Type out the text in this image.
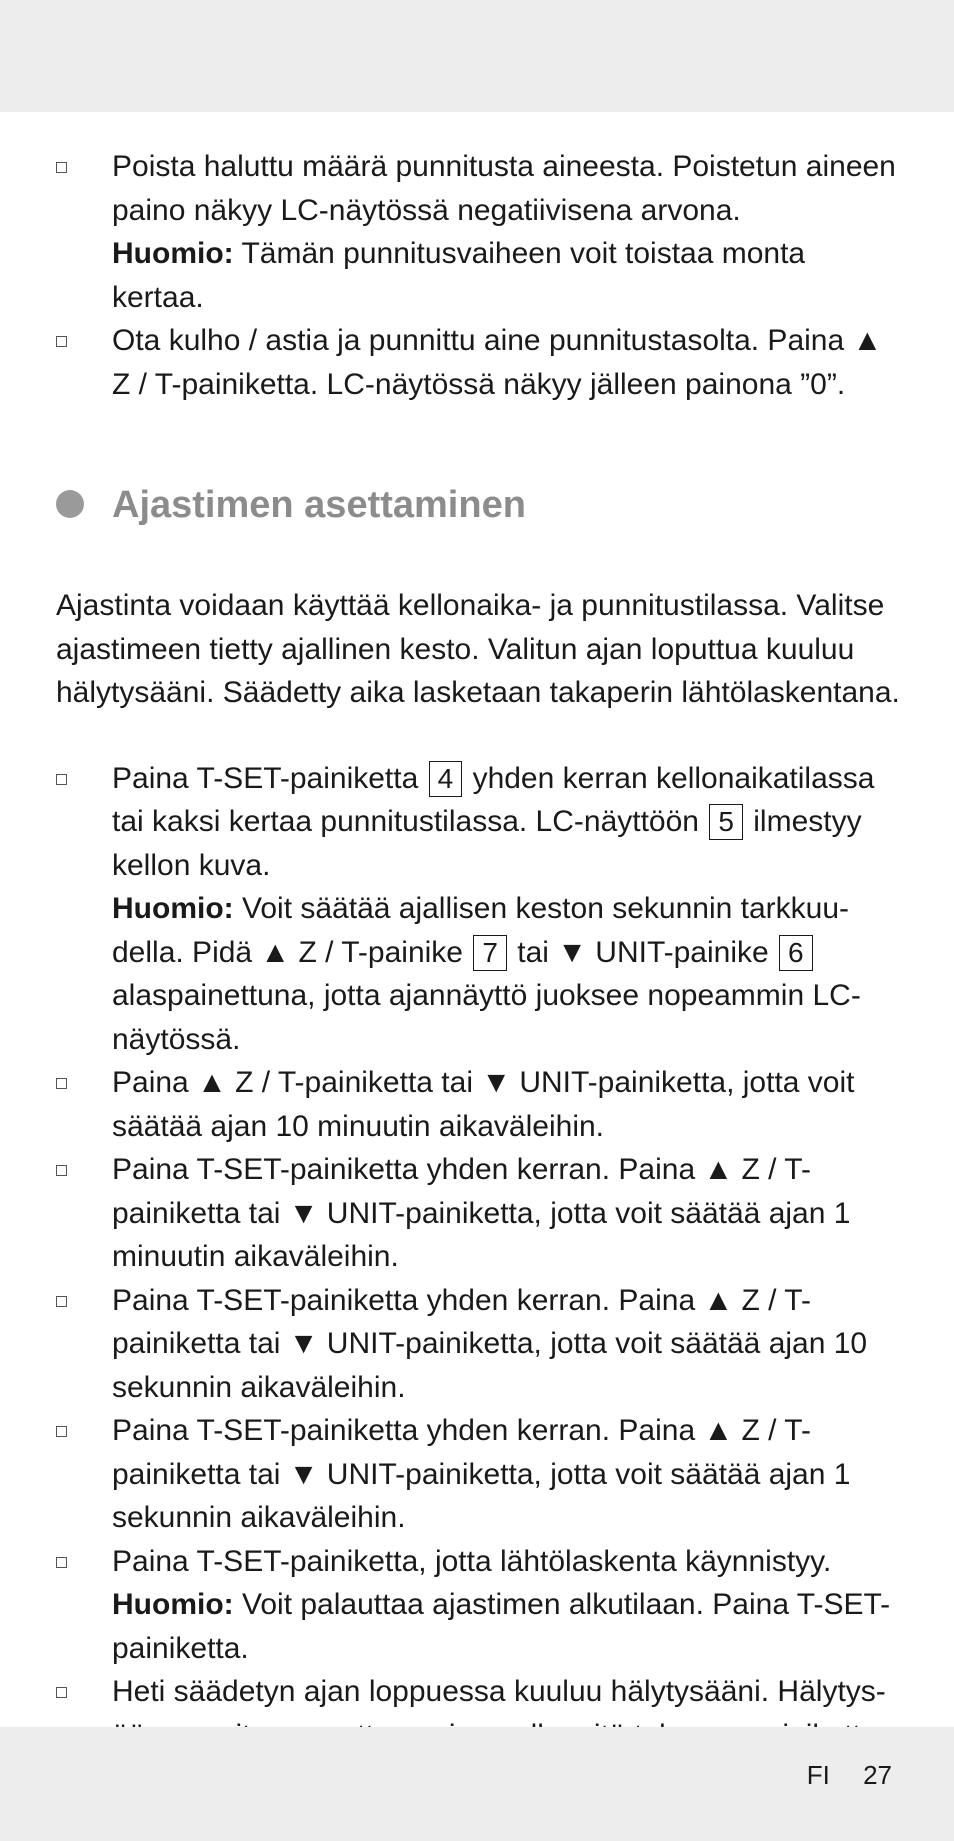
Poista haluttu määrä punnitusta aineesta. Poistetun aineen paino näkyy LC-näytössä negatiivisena arvona.
Huomio: Tämän punnitusvaiheen voit toistaa monta kertaa.
Ota kulho / astia ja punnittu aine punnitustasolta. Paina ▲ Z / T-painiketta. LC-näytössä näkyy jälleen painona ”0”.
Ajastimen asettaminen
Ajastinta voidaan käyttää kellonaika- ja punnitustilassa. Valitse ajastimeen tietty ajallinen kesto. Valitun ajan loputtua kuuluu hälytysääni. Säädetty aika lasketaan takaperin lähtölaskentana.
Paina T-SET-painiketta 4 yhden kerran kellonaikatilassa tai kaksi kertaa punnitustilassa. LC-näyttöön 5 ilmestyy kellon kuva.
Huomio: Voit säätää ajallisen keston sekunnin tarkkuudella. Pidä ▲ Z / T-painike 7 tai ▼ UNIT-painike 6 alaspainettuna, jotta ajannäyttö juoksee nopeammin LC-näytössä.
Paina ▲ Z / T-painiketta tai ▼ UNIT-painiketta, jotta voit säätää ajan 10 minuutin aikaväleihin.
Paina T-SET-painiketta yhden kerran. Paina ▲ Z / T-painiketta tai ▼ UNIT-painiketta, jotta voit säätää ajan 1 minuutin aikaväleihin.
Paina T-SET-painiketta yhden kerran. Paina ▲ Z / T-painiketta tai ▼ UNIT-painiketta, jotta voit säätää ajan 10 sekunnin aikaväleihin.
Paina T-SET-painiketta yhden kerran. Paina ▲ Z / T-painiketta tai ▼ UNIT-painiketta, jotta voit säätää ajan 1 sekunnin aikaväleihin.
Paina T-SET-painiketta, jotta lähtölaskenta käynnistyy.
Huomio: Voit palauttaa ajastimen alkutilaan. Paina T-SET-painiketta.
Heti säädetyn ajan loppuessa kuuluu hälytysääni. Hälytys
FI 27
